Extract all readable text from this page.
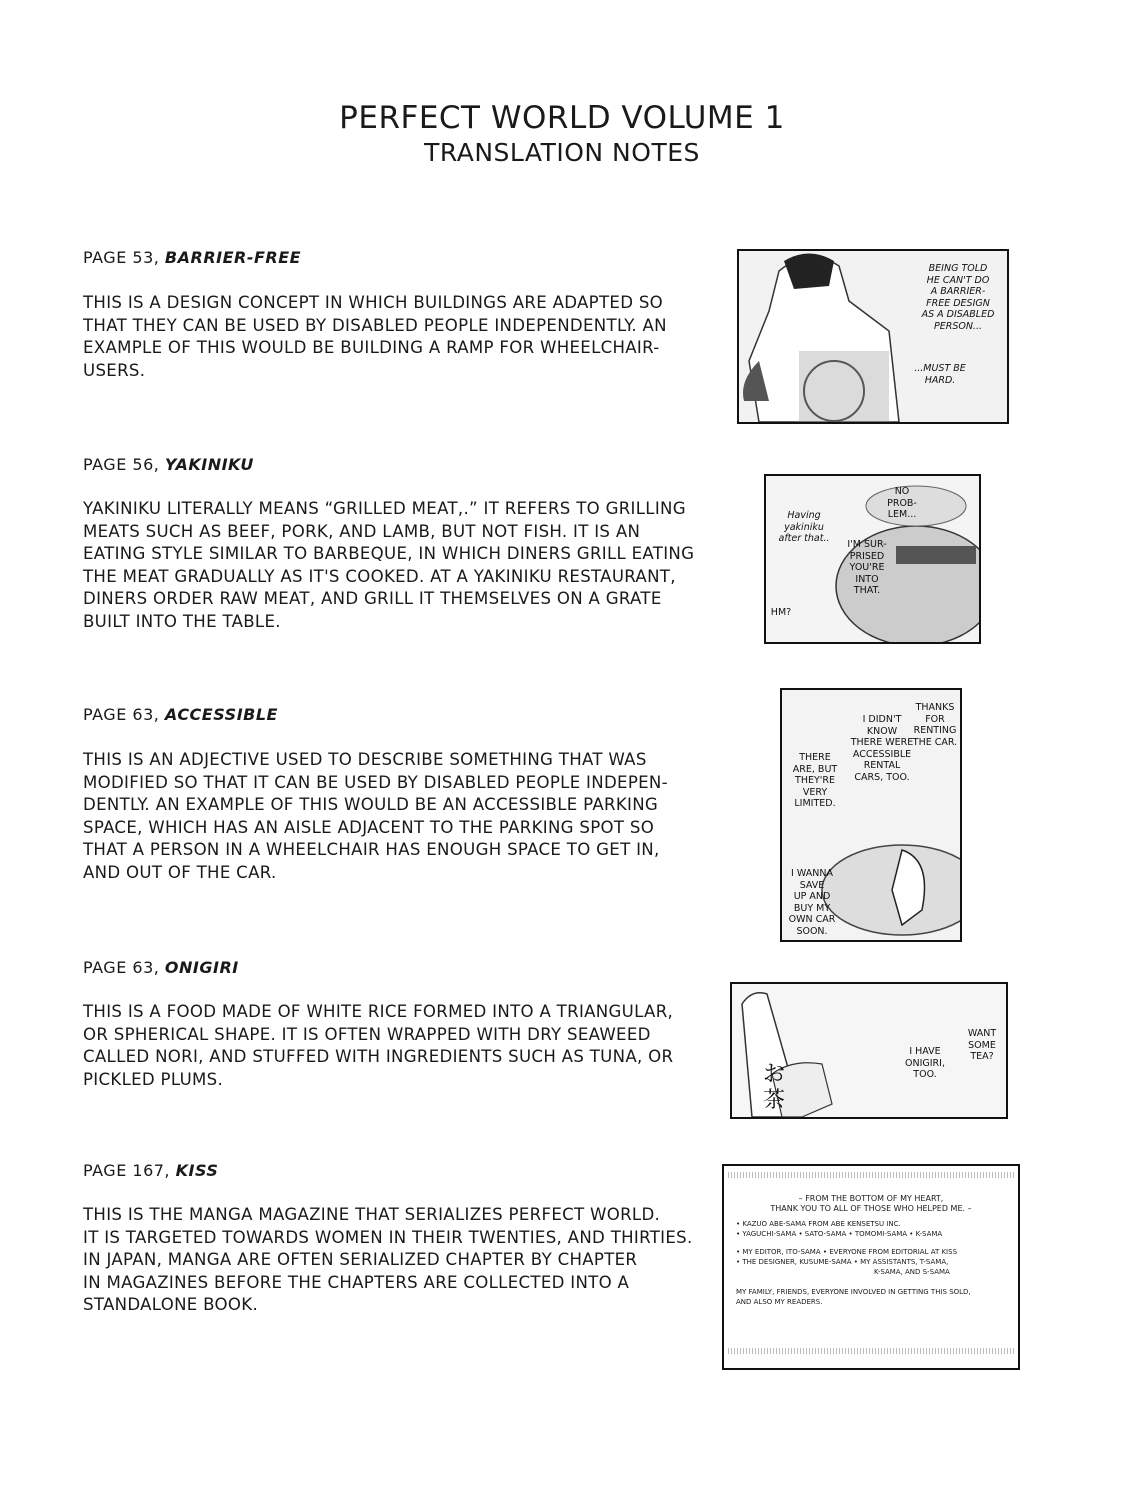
PERFECT WORLD VOLUME 1
TRANSLATION NOTES
PAGE 53, BARRIER-FREE
THIS IS A DESIGN CONCEPT IN WHICH BUILDINGS ARE ADAPTED SO
THAT THEY CAN BE USED BY DISABLED PEOPLE INDEPENDENTLY. AN
EXAMPLE OF THIS WOULD BE BUILDING A RAMP FOR WHEELCHAIR-
USERS.
BEING TOLD
HE CAN'T DO
A BARRIER-
FREE DESIGN
AS A DISABLED
PERSON...
...MUST BE
HARD.
PAGE 56, YAKINIKU
YAKINIKU LITERALLY MEANS “GRILLED MEAT,.” IT REFERS TO GRILLING
MEATS SUCH AS BEEF, PORK, AND LAMB, BUT NOT FISH. IT IS AN
EATING STYLE SIMILAR TO BARBEQUE, IN WHICH DINERS GRILL EATING
THE MEAT GRADUALLY AS IT'S COOKED. AT A YAKINIKU RESTAURANT,
DINERS ORDER RAW MEAT, AND GRILL IT THEMSELVES ON A GRATE
BUILT INTO THE TABLE.
NO
PROB-
LEM...
Having
yakiniku
after that..
I'M SUR-
PRISED
YOU'RE
INTO
THAT.
HM?
PAGE 63, ACCESSIBLE
THIS IS AN ADJECTIVE USED TO DESCRIBE SOMETHING THAT WAS
MODIFIED SO THAT IT CAN BE USED BY DISABLED PEOPLE INDEPEN-
DENTLY. AN EXAMPLE OF THIS WOULD BE AN ACCESSIBLE PARKING
SPACE, WHICH HAS AN AISLE ADJACENT TO THE PARKING SPOT SO
THAT A PERSON IN A WHEELCHAIR HAS ENOUGH SPACE TO GET IN,
AND OUT OF THE CAR.
THANKS
FOR
RENTING
THE CAR.
I DIDN'T
KNOW
THERE WERE
ACCESSIBLE
RENTAL
CARS, TOO.
THERE
ARE, BUT
THEY'RE
VERY
LIMITED.
I WANNA
SAVE
UP AND
BUY MY
OWN CAR
SOON.
PAGE 63, ONIGIRI
THIS IS A FOOD MADE OF WHITE RICE FORMED INTO A TRIANGULAR,
OR SPHERICAL SHAPE. IT IS OFTEN WRAPPED WITH DRY SEAWEED
CALLED NORI, AND STUFFED WITH INGREDIENTS SUCH AS TUNA, OR
PICKLED PLUMS.	お茶
WANT
SOME
TEA?
I HAVE
ONIGIRI,
TOO.
PAGE 167, KISS
THIS IS THE MANGA MAGAZINE THAT SERIALIZES PERFECT WORLD.
IT IS TARGETED TOWARDS WOMEN IN THEIR TWENTIES, AND THIRTIES.
IN JAPAN, MANGA ARE OFTEN SERIALIZED CHAPTER BY CHAPTER
IN MAGAZINES BEFORE THE CHAPTERS ARE COLLECTED INTO A
STANDALONE BOOK.
– FROM THE BOTTOM OF MY HEART,
THANK YOU TO ALL OF THOSE WHO HELPED ME. –
• KAZUO ABE-SAMA FROM ABE KENSETSU INC.
• YAGUCHI-SAMA • SATO-SAMA • TOMOMI-SAMA • K-SAMA
• MY EDITOR, ITO-SAMA • EVERYONE FROM EDITORIAL AT KISS
• THE DESIGNER, KUSUME-SAMA • MY ASSISTANTS, T-SAMA,
K-SAMA, AND S-SAMA
MY FAMILY, FRIENDS, EVERYONE INVOLVED IN GETTING THIS SOLD,
AND ALSO MY READERS.
